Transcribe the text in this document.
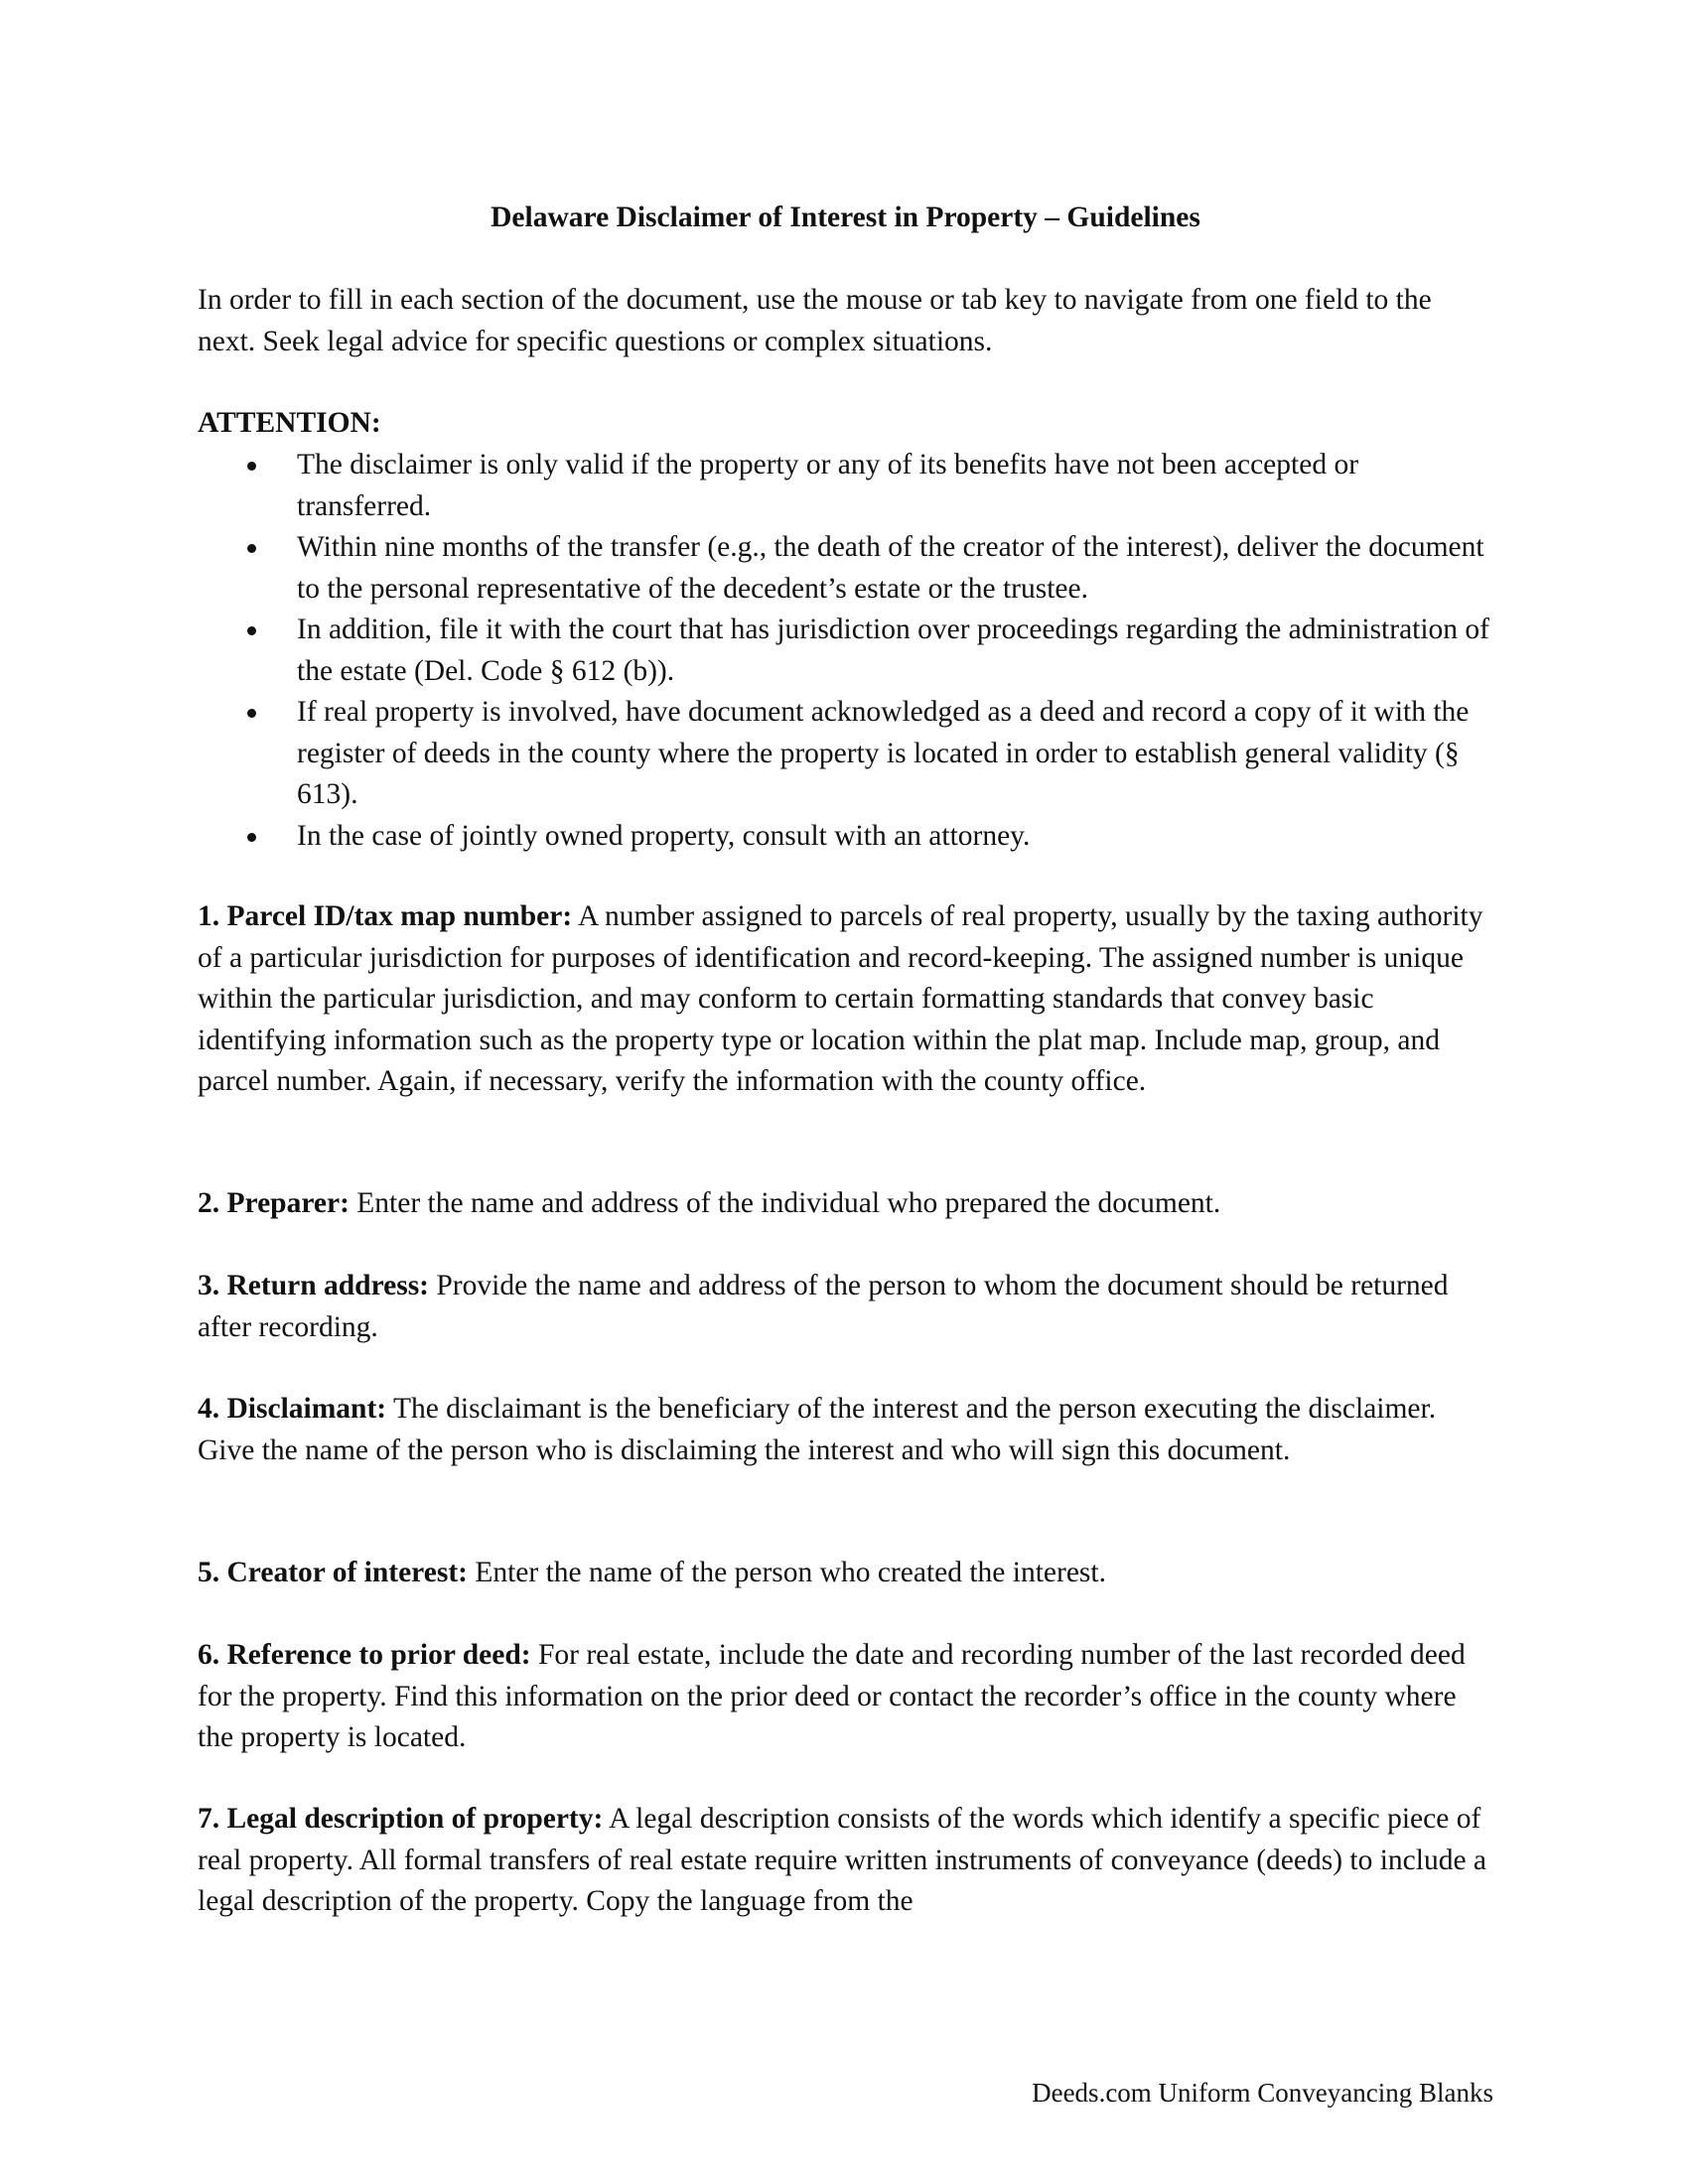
Delaware Disclaimer of Interest in Property – Guidelines

In order to fill in each section of the document, use the mouse or tab key to navigate from one field to the next. Seek legal advice for specific questions or complex situations.

ATTENTION:

The disclaimer is only valid if the property or any of its benefits have not been accepted or transferred.
Within nine months of the transfer (e.g., the death of the creator of the interest), deliver the document to the personal representative of the decedent’s estate or the trustee.
In addition, file it with the court that has jurisdiction over proceedings regarding the administration of the estate (Del. Code § 612 (b)).
If real property is involved, have document acknowledged as a deed and record a copy of it with the register of deeds in the county where the property is located in order to establish general validity (§ 613).
In the case of jointly owned property, consult with an attorney.

1. Parcel ID/tax map number: A number assigned to parcels of real property, usually by the taxing authority of a particular jurisdiction for purposes of identification and record-keeping. The assigned number is unique within the particular jurisdiction, and may conform to certain formatting standards that convey basic identifying information such as the property type or location within the plat map. Include map, group, and parcel number. Again, if necessary, verify the information with the county office.

2. Preparer: Enter the name and address of the individual who prepared the document.

3. Return address: Provide the name and address of the person to whom the document should be returned after recording.

4. Disclaimant: The disclaimant is the beneficiary of the interest and the person executing the disclaimer. Give the name of the person who is disclaiming the interest and who will sign this document.

5. Creator of interest: Enter the name of the person who created the interest.

6. Reference to prior deed: For real estate, include the date and recording number of the last recorded deed for the property. Find this information on the prior deed or contact the recorder’s office in the county where the property is located.

7. Legal description of property: A legal description consists of the words which identify a specific piece of real property. All formal transfers of real estate require written instruments of conveyance (deeds) to include a legal description of the property. Copy the language from the

Deeds.com Uniform Conveyancing Blanks
